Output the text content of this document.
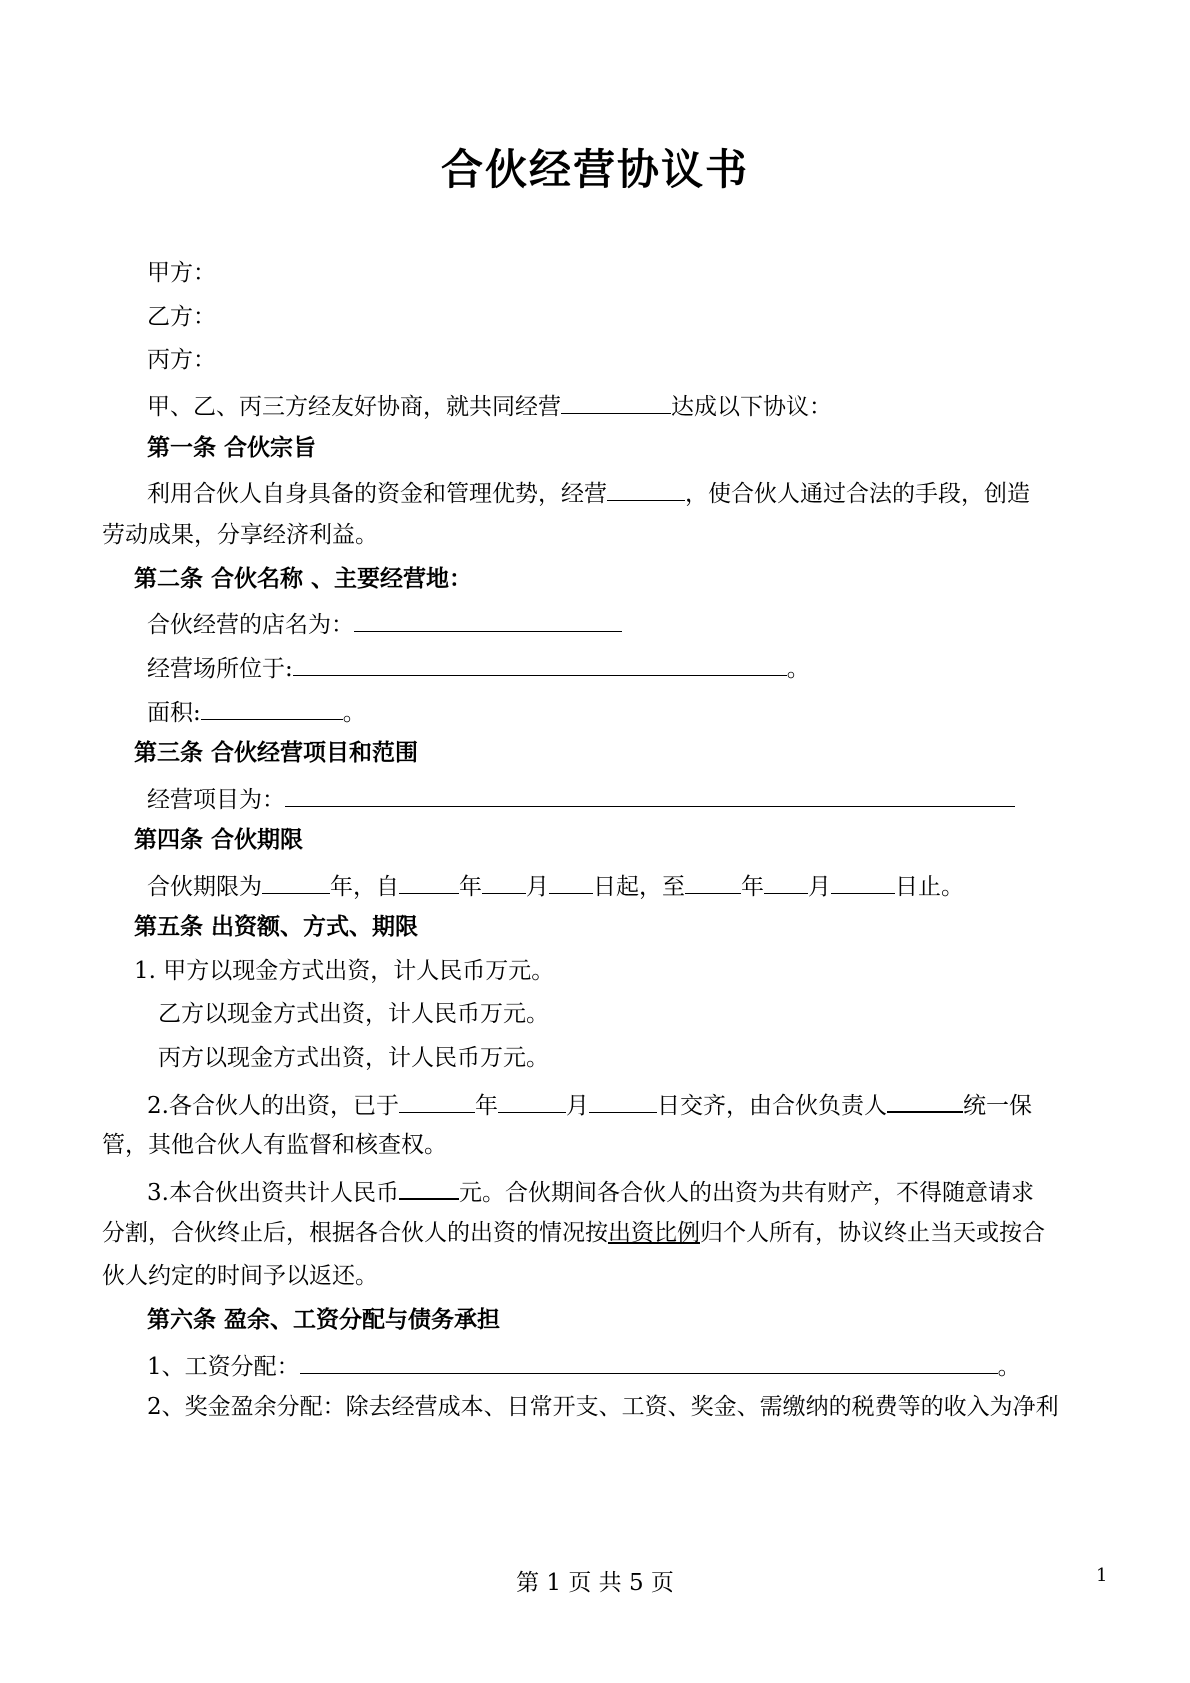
合伙经营协议书
甲方：
乙方：
丙方：
甲、乙、丙三方经友好协商，就共同经营	达成以下协议：
第一条 合伙宗旨
利用合伙人自身具备的资金和管理优势，经营	，使合伙人通过合法的手段，创造
劳动成果，分享经济利益。
第二条 合伙名称 、主要经营地：
合伙经营的店名为：
经营场所位于:	。
面积:	。
第三条 合伙经营项目和范围
经营项目为：
第四条 合伙期限
合伙期限为	年，自	年 月 日起，至 年 月	日止。
第五条 出资额、方式、期限
1. 甲方以现金方式出资，计人民币万元。
乙方以现金方式出资，计人民币万元。
丙方以现金方式出资，计人民币万元。
2.各合伙人的出资，已于	年	月	日交齐，由合伙负责人	统一保
管，其他合伙人有监督和核查权。
3.本合伙出资共计人民币	元。合伙期间各合伙人的出资为共有财产，不得随意请求
分割，合伙终止后，根据各合伙人的出资的情况按出资比例归个人所有，协议终止当天或按合
伙人约定的时间予以返还。
第六条 盈余、工资分配与债务承担
1、工资分配：	。
2、奖金盈余分配：除去经营成本、日常开支、工资、奖金、需缴纳的税费等的收入为净利
第 1 页 共 5 页	1
